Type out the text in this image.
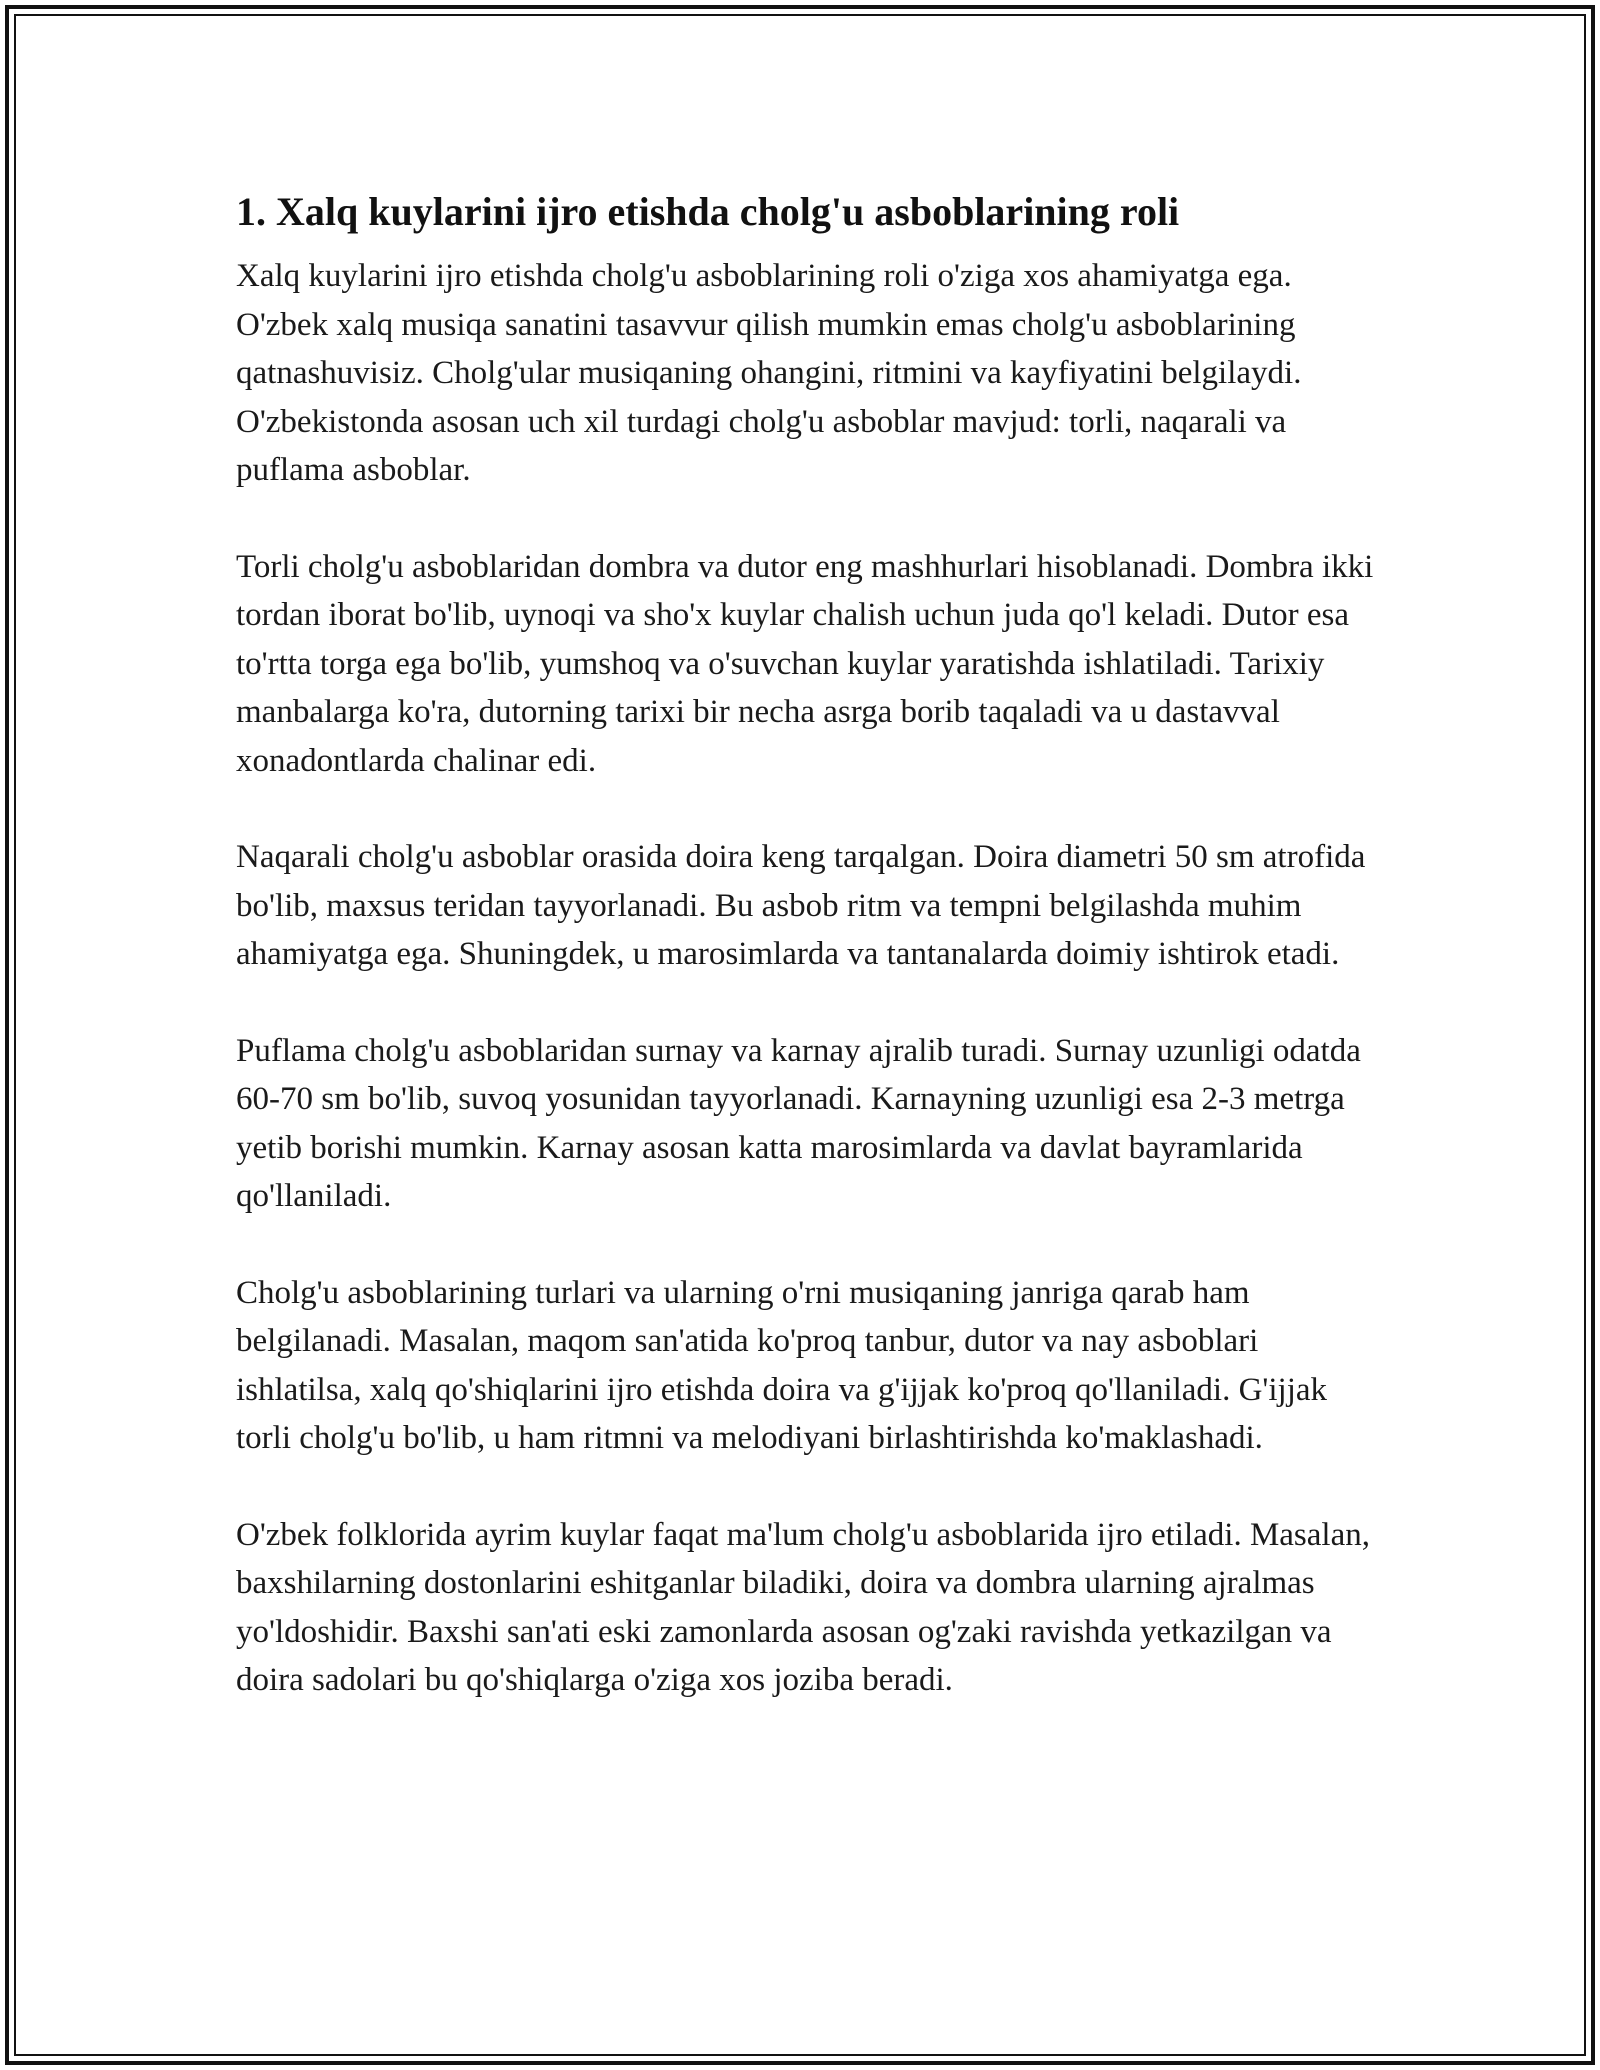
1. Xalq kuylarini ijro etishda cholg'u asboblarining roli

Xalq kuylarini ijro etishda cholg'u asboblarining roli o'ziga xos ahamiyatga ega. O'zbek xalq musiqa sanatini tasavvur qilish mumkin emas cholg'u asboblarining qatnashuvisiz. Cholg'ular musiqaning ohangini, ritmini va kayfiyatini belgilaydi. O'zbekistonda asosan uch xil turdagi cholg'u asboblar mavjud: torli, naqarali va puflama asboblar.

Torli cholg'u asboblaridan dombra va dutor eng mashhurlari hisoblanadi. Dombra ikki tordan iborat bo'lib, uynoqi va sho'x kuylar chalish uchun juda qo'l keladi. Dutor esa to'rtta torga ega bo'lib, yumshoq va o'suvchan kuylar yaratishda ishlatiladi. Tarixiy manbalarga ko'ra, dutorning tarixi bir necha asrga borib taqaladi va u dastavval xonadontlarda chalinar edi.

Naqarali cholg'u asboblar orasida doira keng tarqalgan. Doira diametri 50 sm atrofida bo'lib, maxsus teridan tayyorlanadi. Bu asbob ritm va tempni belgilashda muhim ahamiyatga ega. Shuningdek, u marosimlarda va tantanalarda doimiy ishtirok etadi.

Puflama cholg'u asboblaridan surnay va karnay ajralib turadi. Surnay uzunligi odatda 60-70 sm bo'lib, suvoq yosunidan tayyorlanadi. Karnayning uzunligi esa 2-3 metrga yetib borishi mumkin. Karnay asosan katta marosimlarda va davlat bayramlarida qo'llaniladi.

Cholg'u asboblarining turlari va ularning o'rni musiqaning janriga qarab ham belgilanadi. Masalan, maqom san'atida ko'proq tanbur, dutor va nay asboblari ishlatilsa, xalq qo'shiqlarini ijro etishda doira va g'ijjak ko'proq qo'llaniladi. G'ijjak torli cholg'u bo'lib, u ham ritmni va melodiyani birlashtirishda ko'maklashadi.

O'zbek folklorida ayrim kuylar faqat ma'lum cholg'u asboblarida ijro etiladi. Masalan, baxshilarning dostonlarini eshitganlar biladiki, doira va dombra ularning ajralmas yo'ldoshidir. Baxshi san'ati eski zamonlarda asosan og'zaki ravishda yetkazilgan va doira sadolari bu qo'shiqlarga o'ziga xos joziba beradi.
